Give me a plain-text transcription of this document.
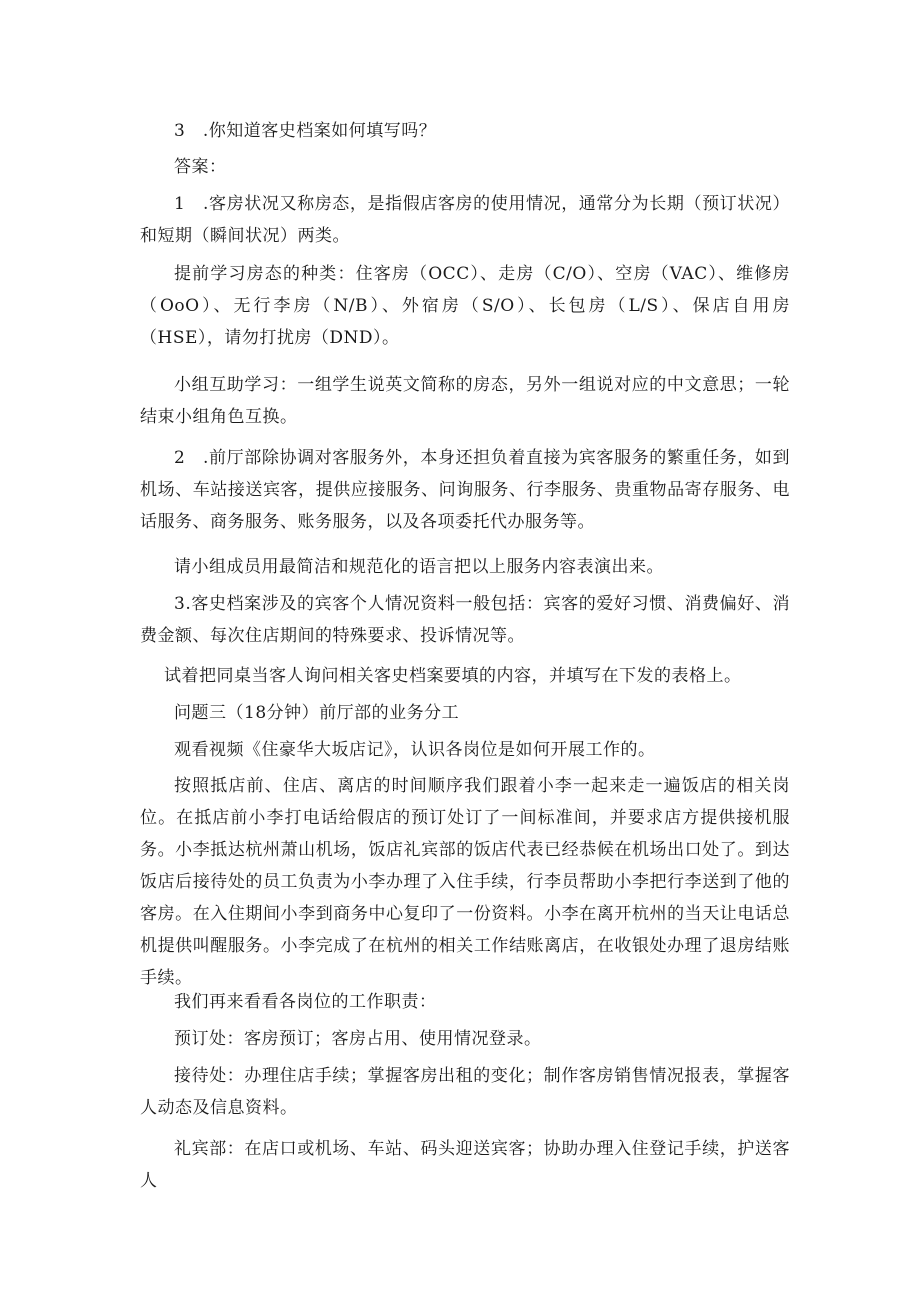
3　.你知道客史档案如何填写吗？

答案：

1　.客房状况又称房态，是指假店客房的使用情况，通常分为长期（预订状况）和短期（瞬间状况）两类。

提前学习房态的种类：住客房（OCC）、走房（C/O）、空房（VAC）、维修房（OoO）、无行李房（N/B）、外宿房（S/O）、长包房（L/S）、保店自用房（HSE），请勿打扰房（DND）。

小组互助学习：一组学生说英文简称的房态，另外一组说对应的中文意思；一轮结束小组角色互换。

2　.前厅部除协调对客服务外，本身还担负着直接为宾客服务的繁重任务，如到机场、车站接送宾客，提供应接服务、问询服务、行李服务、贵重物品寄存服务、电话服务、商务服务、账务服务，以及各项委托代办服务等。

请小组成员用最简洁和规范化的语言把以上服务内容表演出来。

3.客史档案涉及的宾客个人情况资料一般包括：宾客的爱好习惯、消费偏好、消费金额、每次住店期间的特殊要求、投诉情况等。

试着把同桌当客人询问相关客史档案要填的内容，并填写在下发的表格上。

问题三（18分钟）前厅部的业务分工

观看视频《住豪华大坂店记》，认识各岗位是如何开展工作的。

按照抵店前、住店、离店的时间顺序我们跟着小李一起来走一遍饭店的相关岗位。在抵店前小李打电话给假店的预订处订了一间标准间，并要求店方提供接机服务。小李抵达杭州萧山机场，饭店礼宾部的饭店代表已经恭候在机场出口处了。到达饭店后接待处的员工负责为小李办理了入住手续，行李员帮助小李把行李送到了他的客房。在入住期间小李到商务中心复印了一份资料。小李在离开杭州的当天让电话总机提供叫醒服务。小李完成了在杭州的相关工作结账离店，在收银处办理了退房结账手续。

我们再来看看各岗位的工作职责：

预订处：客房预订；客房占用、使用情况登录。

接待处：办理住店手续；掌握客房出租的变化；制作客房销售情况报表，掌握客人动态及信息资料。

礼宾部：在店口或机场、车站、码头迎送宾客；协助办理入住登记手续，护送客人
